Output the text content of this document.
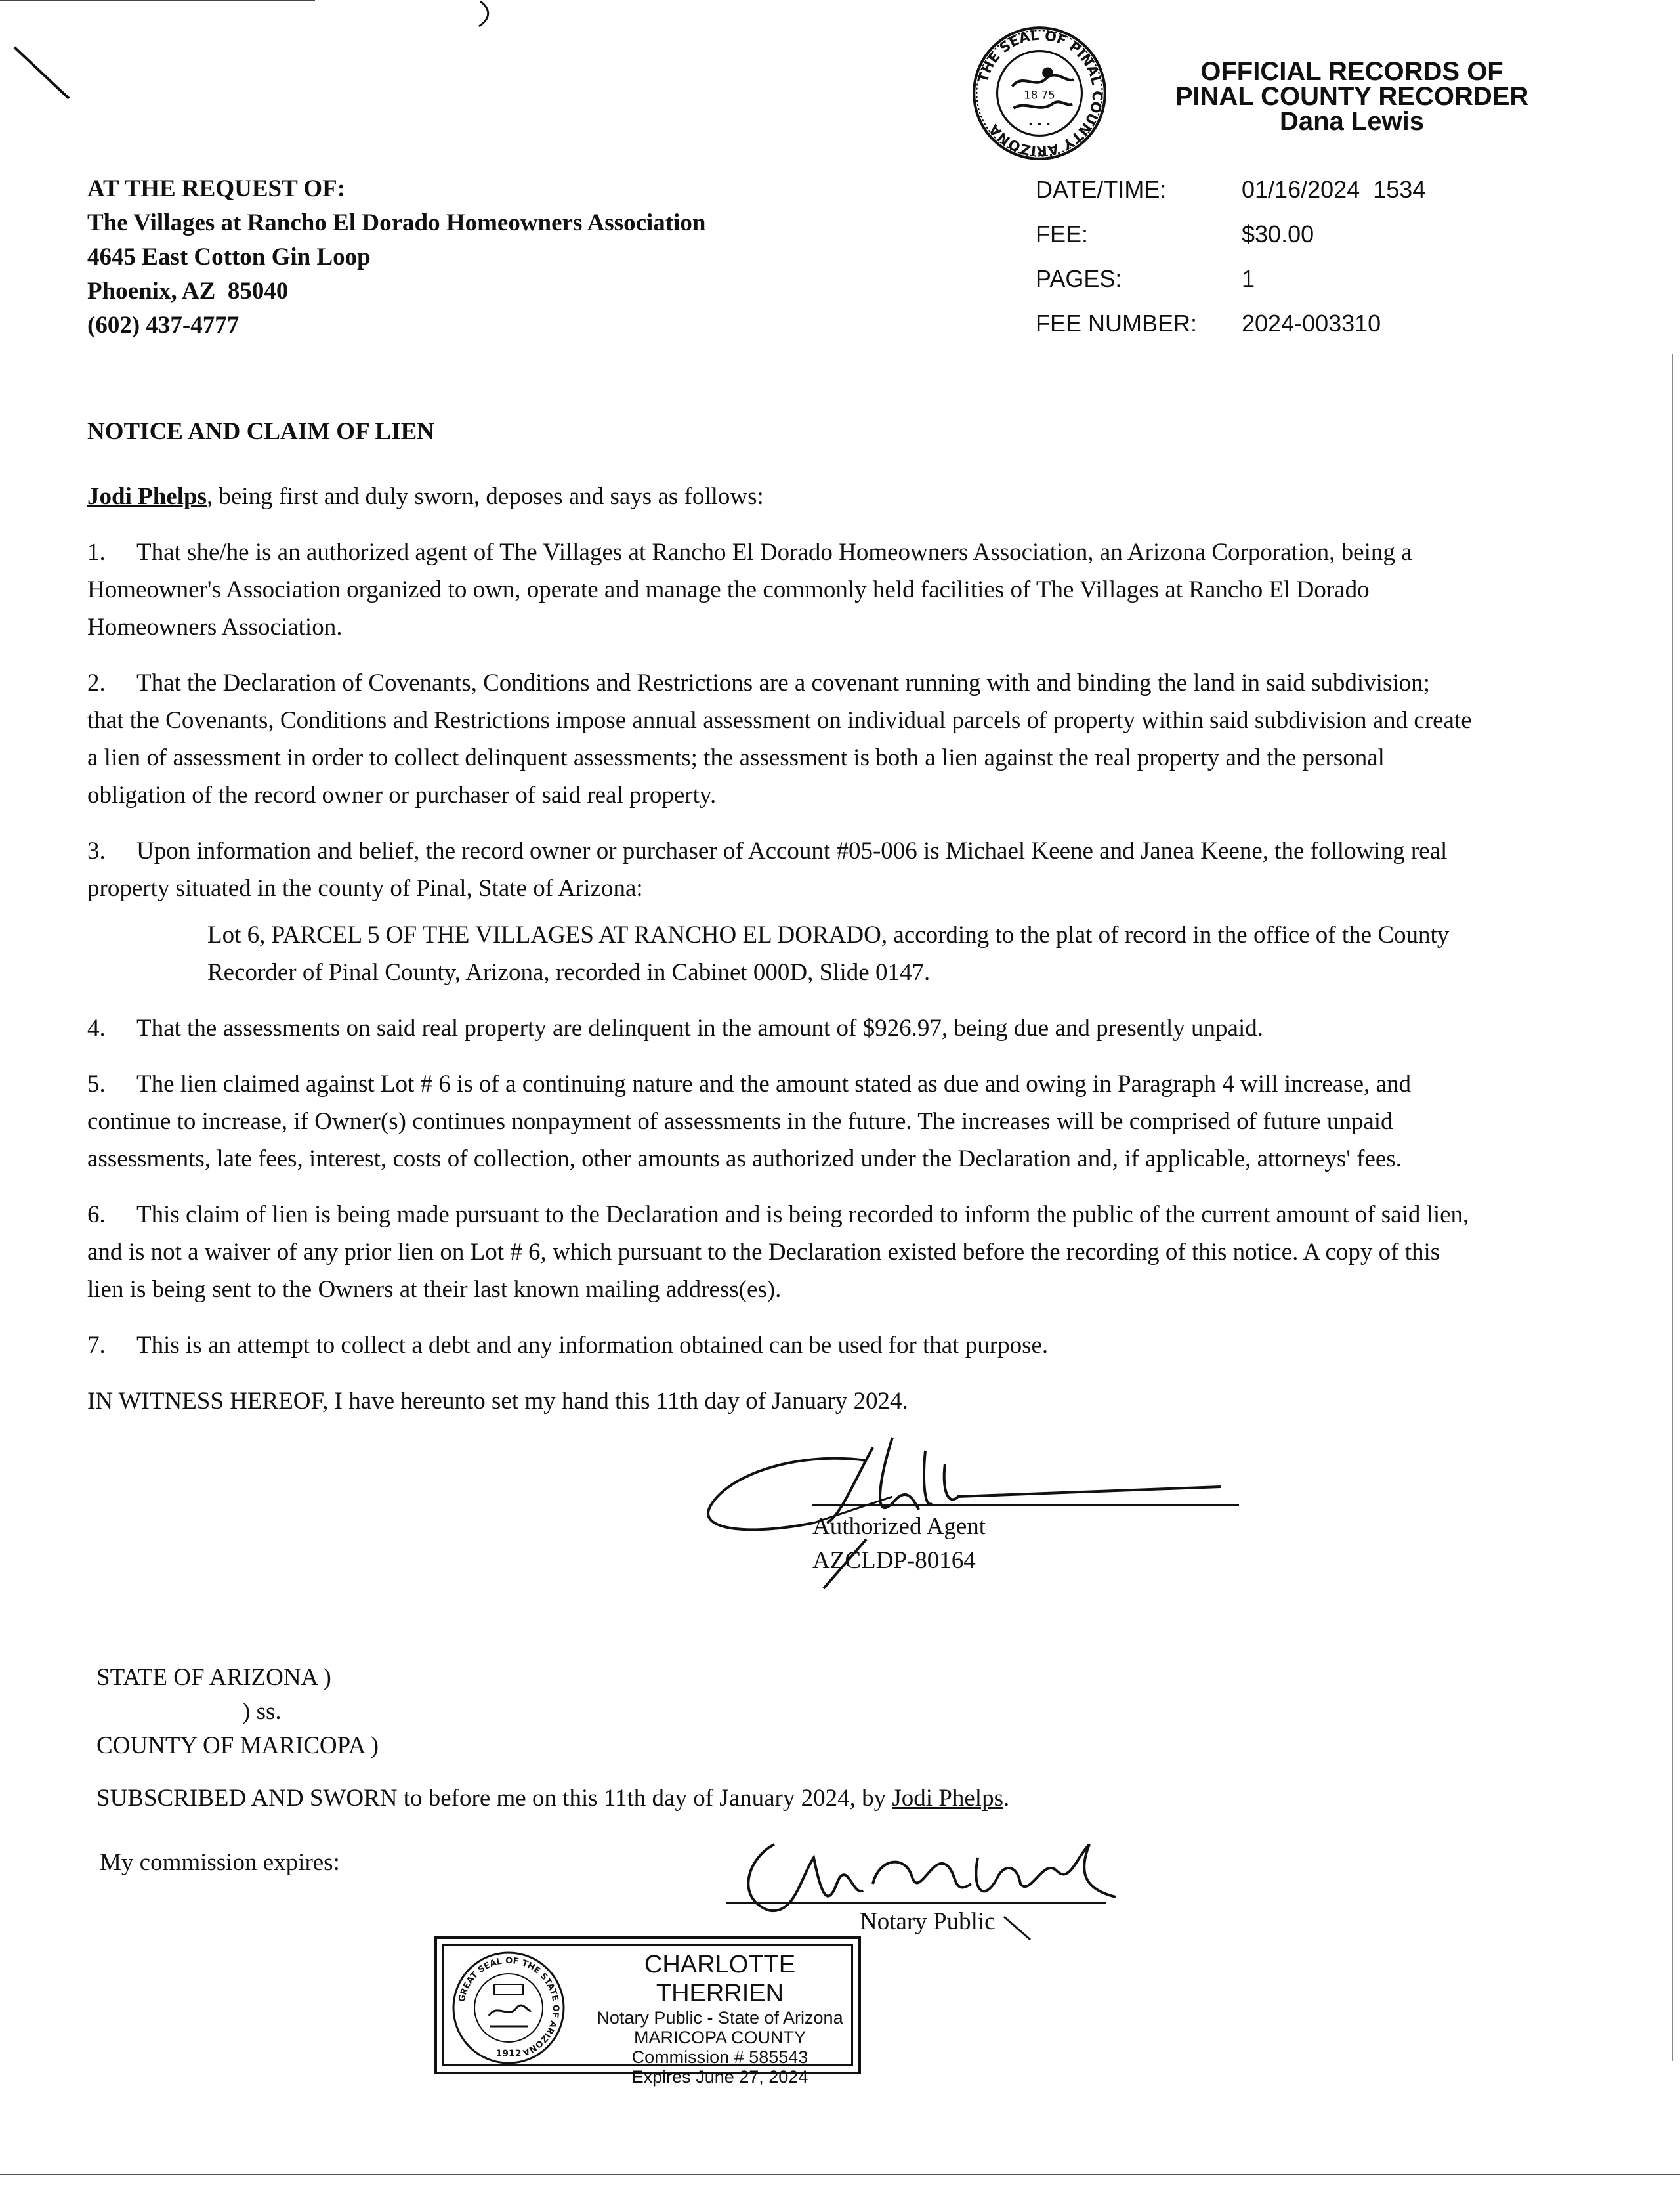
THE SEAL OF PINAL COUNTY ARIZONA
18 75
• • •
OFFICIAL RECORDS OF
PINAL COUNTY RECORDER
Dana Lewis
DATE/TIME:	01/16/2024  1534
FEE:	$30.00
PAGES:	1
FEE NUMBER:	2024-003310
AT THE REQUEST OF:
The Villages at Rancho El Dorado Homeowners Association
4645 East Cotton Gin Loop
Phoenix, AZ  85040
(602) 437-4777
NOTICE AND CLAIM OF LIEN

Jodi Phelps, being first and duly sworn, deposes and says as follows:

1. That she/he is an authorized agent of The Villages at Rancho El Dorado Homeowners Association, an Arizona Corporation, being a Homeowner's Association organized to own, operate and manage the commonly held facilities of The Villages at Rancho El Dorado Homeowners Association.

2. That the Declaration of Covenants, Conditions and Restrictions are a covenant running with and binding the land in said subdivision; that the Covenants, Conditions and Restrictions impose annual assessment on individual parcels of property within said subdivision and create a lien of assessment in order to collect delinquent assessments; the assessment is both a lien against the real property and the personal obligation of the record owner or purchaser of said real property.

3. Upon information and belief, the record owner or purchaser of Account #05-006 is Michael Keene and Janea Keene, the following real property situated in the county of Pinal, State of Arizona:

Lot 6, PARCEL 5 OF THE VILLAGES AT RANCHO EL DORADO, according to the plat of record in the office of the County Recorder of Pinal County, Arizona, recorded in Cabinet 000D, Slide 0147.

4. That the assessments on said real property are delinquent in the amount of $926.97, being due and presently unpaid.

5. The lien claimed against Lot # 6 is of a continuing nature and the amount stated as due and owing in Paragraph 4 will increase, and continue to increase, if Owner(s) continues nonpayment of assessments in the future. The increases will be comprised of future unpaid assessments, late fees, interest, costs of collection, other amounts as authorized under the Declaration and, if applicable, attorneys' fees.

6. This claim of lien is being made pursuant to the Declaration and is being recorded to inform the public of the current amount of said lien, and is not a waiver of any prior lien on Lot # 6, which pursuant to the Declaration existed before the recording of this notice. A copy of this lien is being sent to the Owners at their last known mailing address(es).

7. This is an attempt to collect a debt and any information obtained can be used for that purpose.

IN WITNESS HEREOF, I have hereunto set my hand this 11th day of January 2024.

Authorized Agent
AZCLDP-80164
STATE OF ARIZONA )
) ss.
COUNTY OF MARICOPA )
SUBSCRIBED AND SWORN to before me on this 11th day of January 2024, by Jodi Phelps.
My commission expires:
Notary Public
GREAT SEAL OF THE STATE OF ARIZONA
1912
CHARLOTTE THERRIEN
Notary Public - State of Arizona
MARICOPA COUNTY
Commission # 585543
Expires June 27, 2024
